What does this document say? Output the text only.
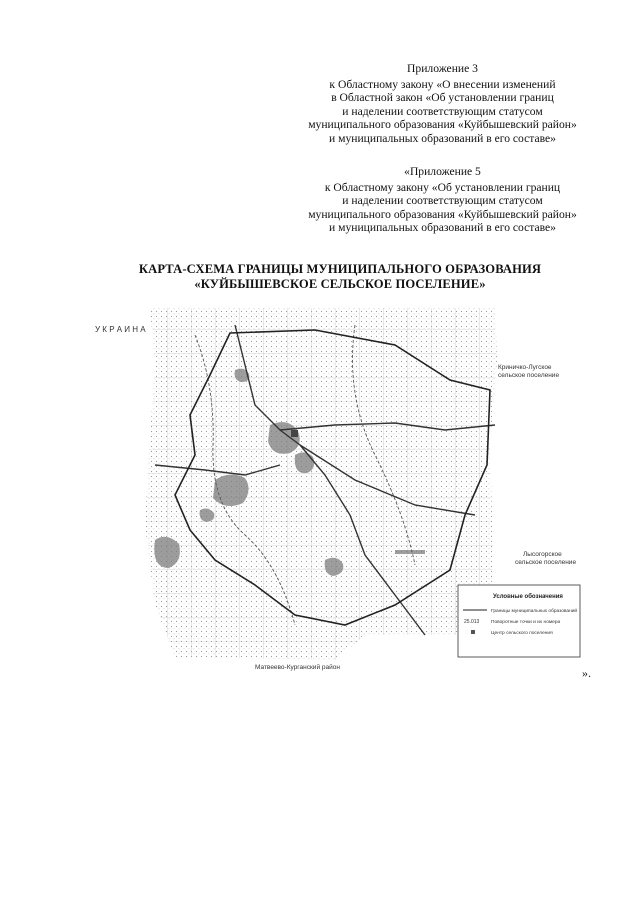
Приложение 3
к Областному закону «О внесении изменений
в Областной закон «Об установлении границ
и наделении соответствующим статусом
муниципального образования «Куйбышевский район»
и муниципальных образований в его составе»
«Приложение 5
к Областному закону «Об установлении границ
и наделении соответствующим статусом
муниципального образования «Куйбышевский район»
и муниципальных образований в его составе»
КАРТА-СХЕМА ГРАНИЦЫ МУНИЦИПАЛЬНОГО ОБРАЗОВАНИЯ
«КУЙБЫШЕВСКОЕ СЕЛЬСКОЕ ПОСЕЛЕНИЕ»
У К Р А И Н А
Криничко-Лугское
сельское поселение
Лысогорское
сельское поселение
Матвеево-Курганский район
Условные обозначения
Границы муниципальных образований
25.013 Поворотные точки и их номера
Центр сельского поселения
».
